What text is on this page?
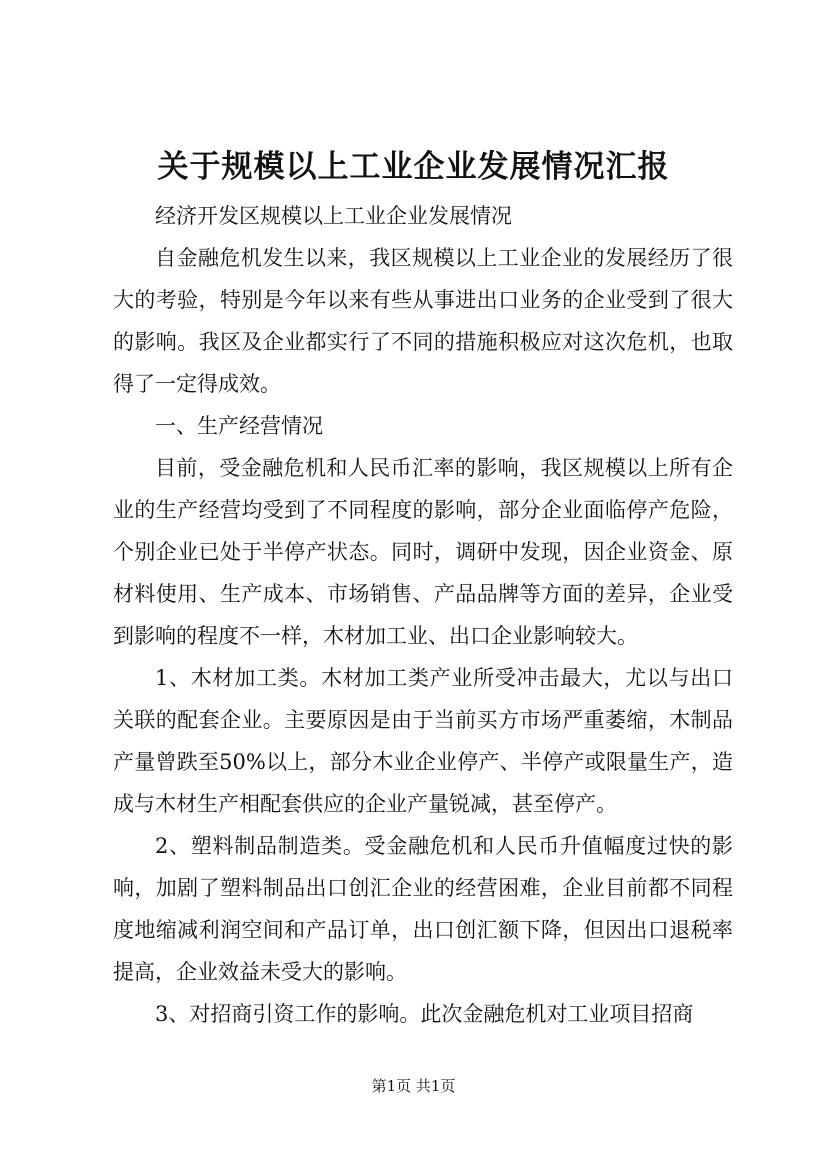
关于规模以上工业企业发展情况汇报

经济开发区规模以上工业企业发展情况

自金融危机发生以来，我区规模以上工业企业的发展经历了很大的考验，特别是今年以来有些从事进出口业务的企业受到了很大的影响。我区及企业都实行了不同的措施积极应对这次危机，也取得了一定得成效。

一、生产经营情况

目前，受金融危机和人民币汇率的影响，我区规模以上所有企业的生产经营均受到了不同程度的影响，部分企业面临停产危险，个别企业已处于半停产状态。同时，调研中发现，因企业资金、原材料使用、生产成本、市场销售、产品品牌等方面的差异，企业受到影响的程度不一样，木材加工业、出口企业影响较大。

1、木材加工类。木材加工类产业所受冲击最大，尤以与出口关联的配套企业。主要原因是由于当前买方市场严重萎缩，木制品产量曾跌至50%以上，部分木业企业停产、半停产或限量生产，造成与木材生产相配套供应的企业产量锐减，甚至停产。

2、塑料制品制造类。受金融危机和人民币升值幅度过快的影响，加剧了塑料制品出口创汇企业的经营困难，企业目前都不同程度地缩减利润空间和产品订单，出口创汇额下降，但因出口退税率提高，企业效益未受大的影响。

3、对招商引资工作的影响。此次金融危机对工业项目招商

第1页 共1页
